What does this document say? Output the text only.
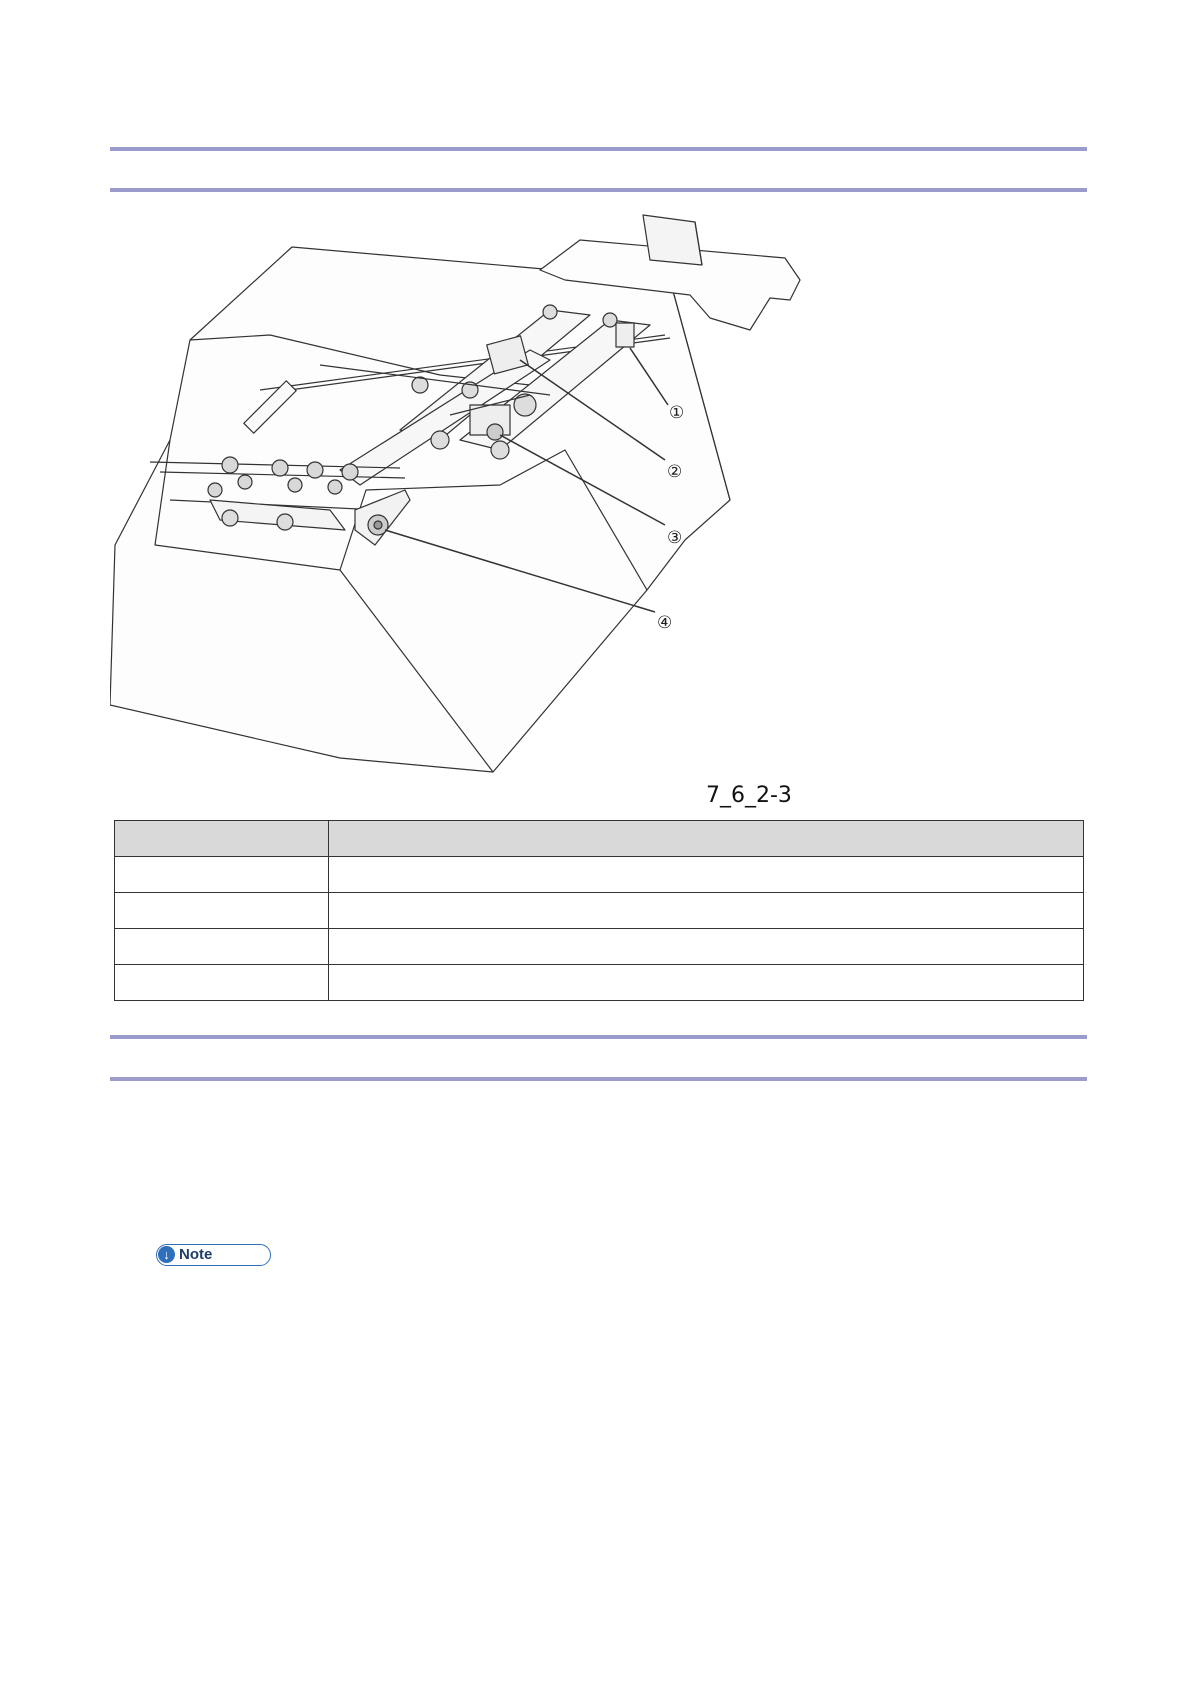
①
②
③
④
7_6_2-3

↓ Note
